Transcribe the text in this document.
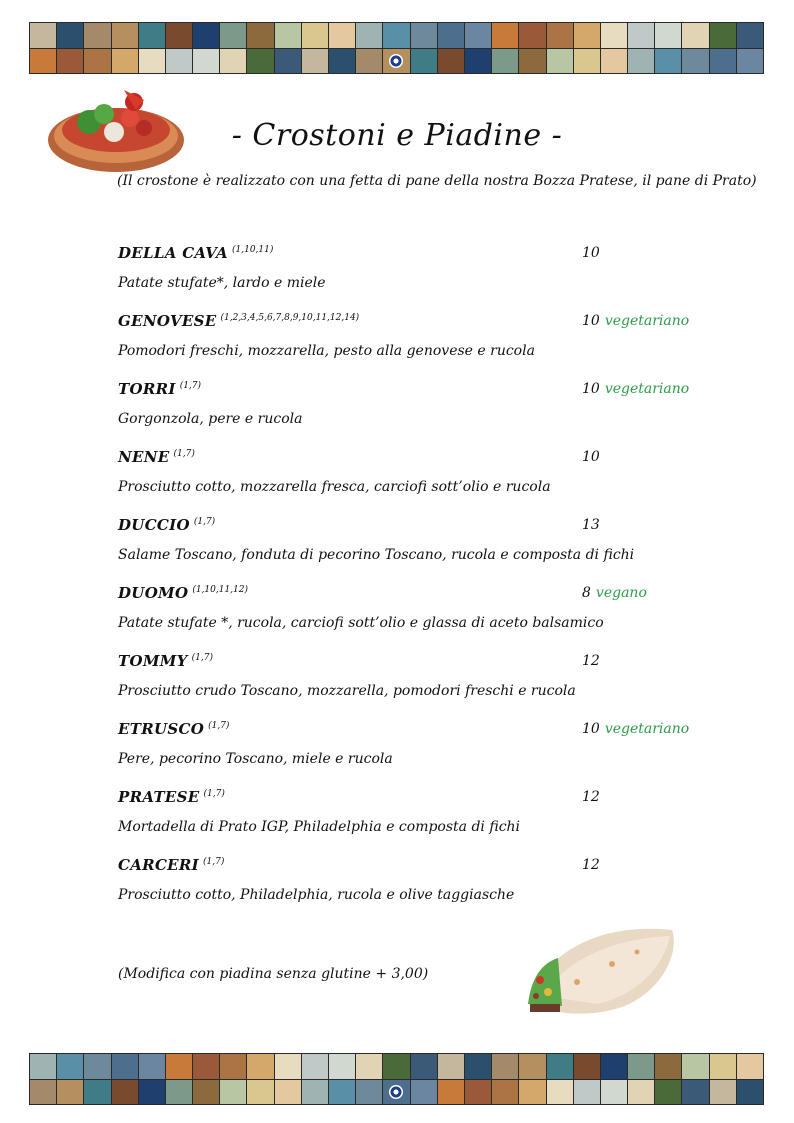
- Crostoni e Piadine -
(Il crostone è realizzato con una fetta di pane della nostra Bozza Pratese, il pane di Prato)
DELLA CAVA $^{(1,10,11)}$	10
Patate stufate*, lardo e miele
GENOVESE $^{(1,2,3,4,5,6,7,8,9,10,11,12,14)}$	10 vegetariano
Pomodori freschi, mozzarella, pesto alla genovese e rucola
TORRI $^{(1,7)}$	10 vegetariano
Gorgonzola, pere e rucola
NENE $^{(1,7)}$	10
Prosciutto cotto, mozzarella fresca, carciofi sott’olio e rucola
DUCCIO $^{(1,7)}$	13
Salame Toscano, fonduta di pecorino Toscano, rucola e composta di fichi
DUOMO $^{(1,10,11,12)}$	8 vegano
Patate stufate *, rucola, carciofi sott’olio e glassa di aceto balsamico
TOMMY $^{(1,7)}$	12
Prosciutto crudo Toscano, mozzarella, pomodori freschi e rucola
ETRUSCO $^{(1,7)}$	10 vegetariano
Pere, pecorino Toscano, miele e rucola
PRATESE $^{(1,7)}$	12
Mortadella di Prato IGP, Philadelphia e composta di fichi
CARCERI $^{(1,7)}$	12
Prosciutto cotto, Philadelphia, rucola e olive taggiasche
(Modifica con piadina senza glutine + 3,00)
